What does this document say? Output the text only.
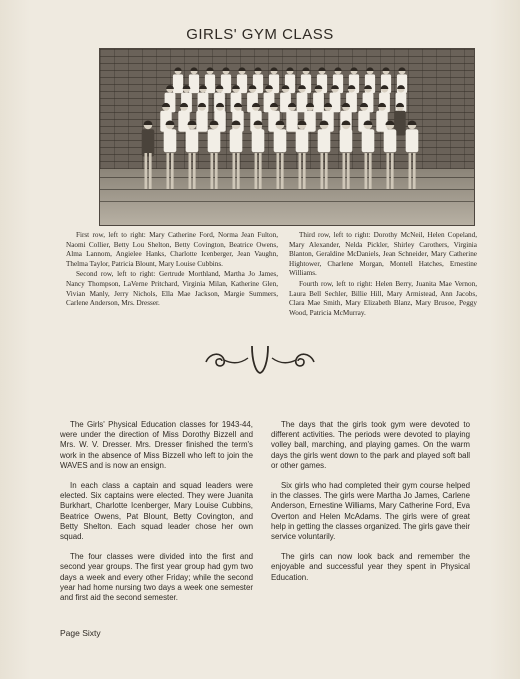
GIRLS' GYM CLASS

First row, left to right: Mary Catherine Ford, Norma Jean Fulton, Naomi Collier, Betty Lou Shelton, Betty Covington, Beatrice Owens, Alma Lannom, Angielee Hanks, Charlotte Icenberger, Jean Vaughn, Thelma Taylor, Patricia Blount, Mary Louise Cubbins.

Second row, left to right: Gertrude Morthland, Martha Jo James, Nancy Thompson, LaVerne Pritchard, Virginia Milan, Katherine Glen, Vivian Manly, Jerry Nichols, Ella Mae Jackson, Margie Summers, Carlene Anderson, Mrs. Dresser.

Third row, left to right: Dorothy McNeil, Helen Copeland, Mary Alexander, Nelda Pickler, Shirley Carothers, Virginia Blanton, Geraldine McDaniels, Jean Schneider, Mary Catherine Hightower, Charlene Morgan, Montell Hatches, Ernestine Williams.

Fourth row, left to right: Helen Berry, Juanita Mae Vernon, Laura Bell Sechler, Billie Hill, Mary Armistead, Ann Jacobs, Clara Mae Smith, Mary Elizabeth Blanz, Mary Brusoe, Peggy Wood, Patricia McMurray.

The Girls' Physical Education classes for 1943-44, were under the direction of Miss Dorothy Bizzell and Mrs. W. V. Dresser. Mrs. Dresser finished the term's work in the absence of Miss Bizzell who left to join the WAVES and is now an ensign.

In each class a captain and squad leaders were elected. Six captains were elected. They were Juanita Burkhart, Charlotte Icenberger, Mary Louise Cubbins, Beatrice Owens, Pat Blount, Betty Covington, and Betty Shelton. Each squad leader chose her own squad.

The four classes were divided into the first and second year groups. The first year group had gym two days a week and every other Friday; while the second year had home nursing two days a week one semester and first aid the second semester.

The days that the girls took gym were devoted to different activities. The periods were devoted to playing volley ball, marching, and playing games. On the warm days the girls went down to the park and played soft ball or other games.

Six girls who had completed their gym course helped in the classes. The girls were Martha Jo James, Carlene Anderson, Ernestine Williams, Mary Catherine Ford, Eva Overton and Helen McAdams. The girls were of great help in getting the classes organized. The girls gave their service voluntarily.

The girls can now look back and remember the enjoyable and successful year they spent in Physical Education.

Page Sixty
